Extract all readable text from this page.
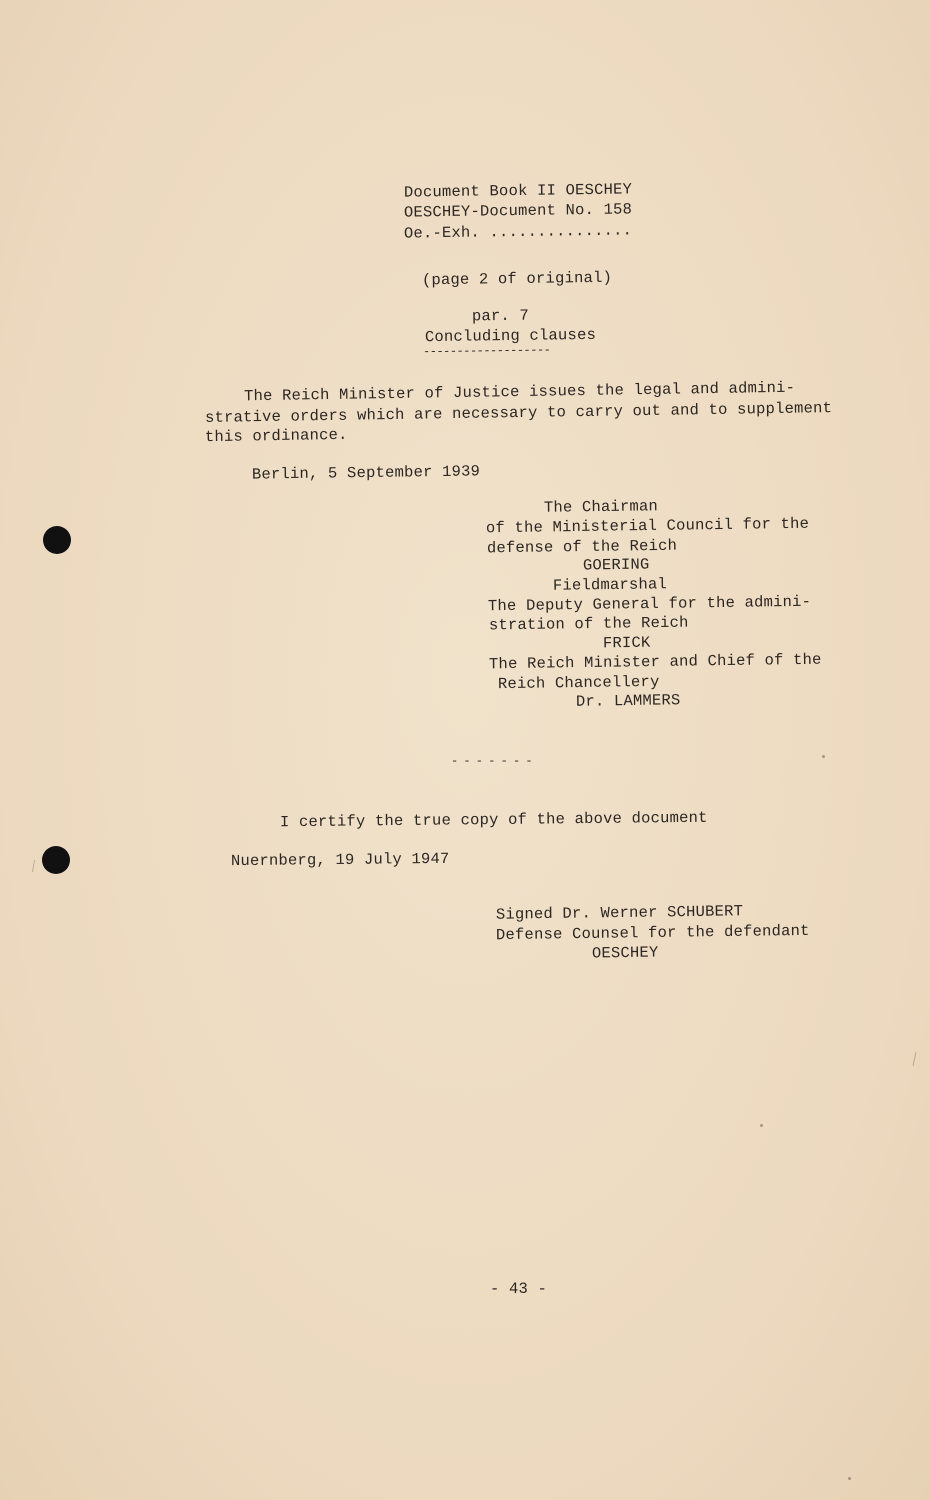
Document Book II OESCHEY
OESCHEY-Document No. 158
Oe.-Exh. ...............
(page 2 of original)
par. 7
Concluding clauses
-------------------
The Reich Minister of Justice issues the legal and admini-
strative orders which are necessary to carry out and to supplement
this ordinance.
Berlin, 5 September 1939
The Chairman
of the Ministerial Council for the
defense of the Reich
GOERING
Fieldmarshal
The Deputy General for the admini-
stration of the Reich
FRICK
The Reich Minister and Chief of the
Reich Chancellery
Dr. LAMMERS
- - - - - - -
I certify the true copy of the above document
Nuernberg, 19 July 1947
Signed Dr. Werner SCHUBERT
Defense Counsel for the defendant
OESCHEY
- 43 -
